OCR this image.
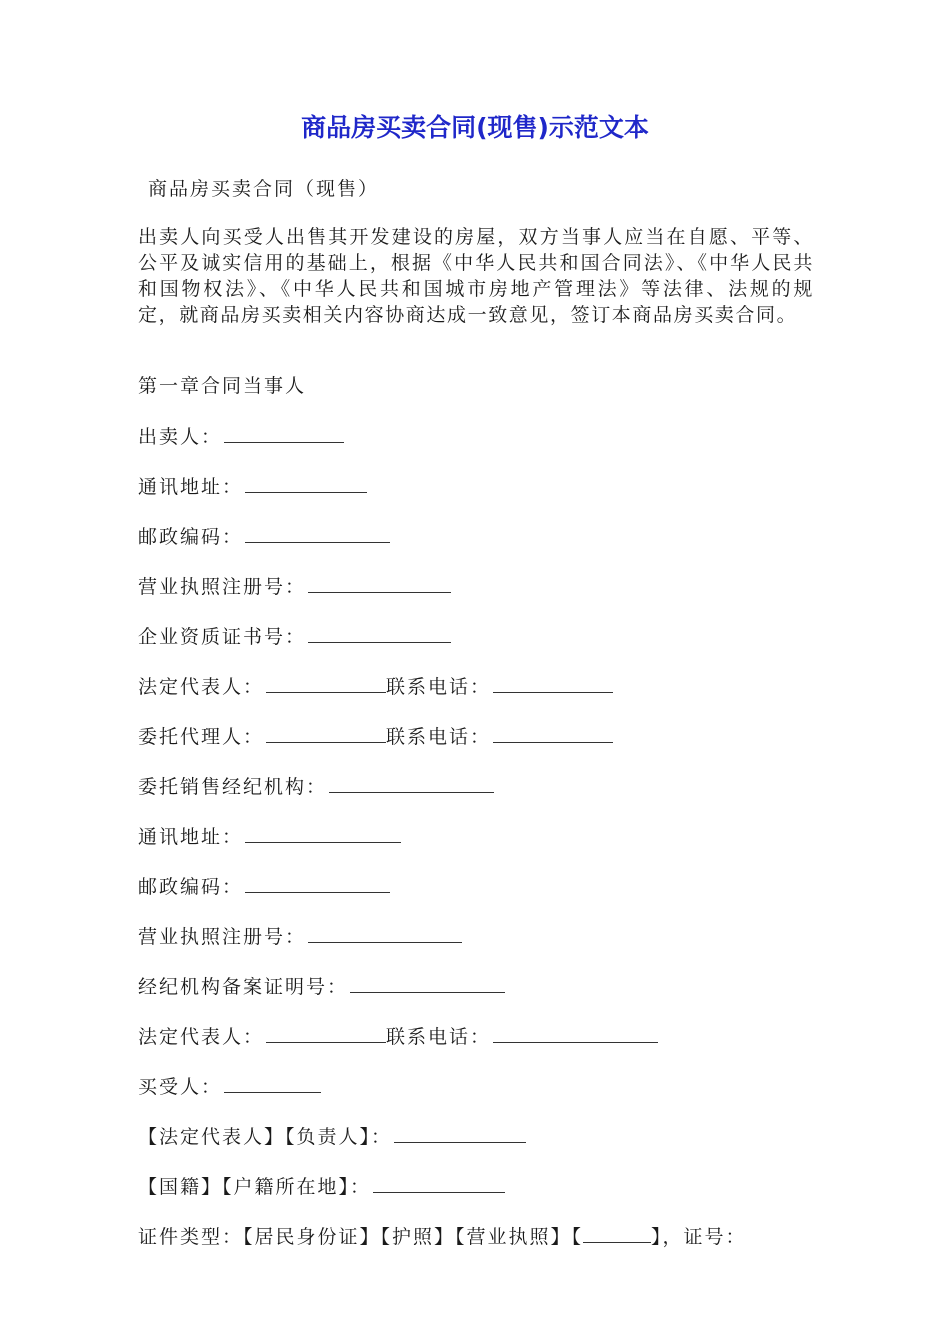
商品房买卖合同(现售)示范文本
商品房买卖合同（现售）
出卖人向买受人出售其开发建设的房屋，双方当事人应当在自愿、平等、公平及诚实信用的基础上，根据《中华人民共和国合同法》、《中华人民共和国物权法》、《中华人民共和国城市房地产管理法》等法律、法规的规定，就商品房买卖相关内容协商达成一致意见，签订本商品房买卖合同。
第一章合同当事人
出卖人：
通讯地址：
邮政编码：
营业执照注册号：
企业资质证书号：
法定代表人：	联系电话：
委托代理人：	联系电话：
委托销售经纪机构：
通讯地址：
邮政编码：
营业执照注册号：
经纪机构备案证明号：
法定代表人：	联系电话：
买受人：
【法定代表人】【负责人】：
【国籍】【户籍所在地】：
证件类型：【居民身份证】【护照】【营业执照】【	】，证号：
